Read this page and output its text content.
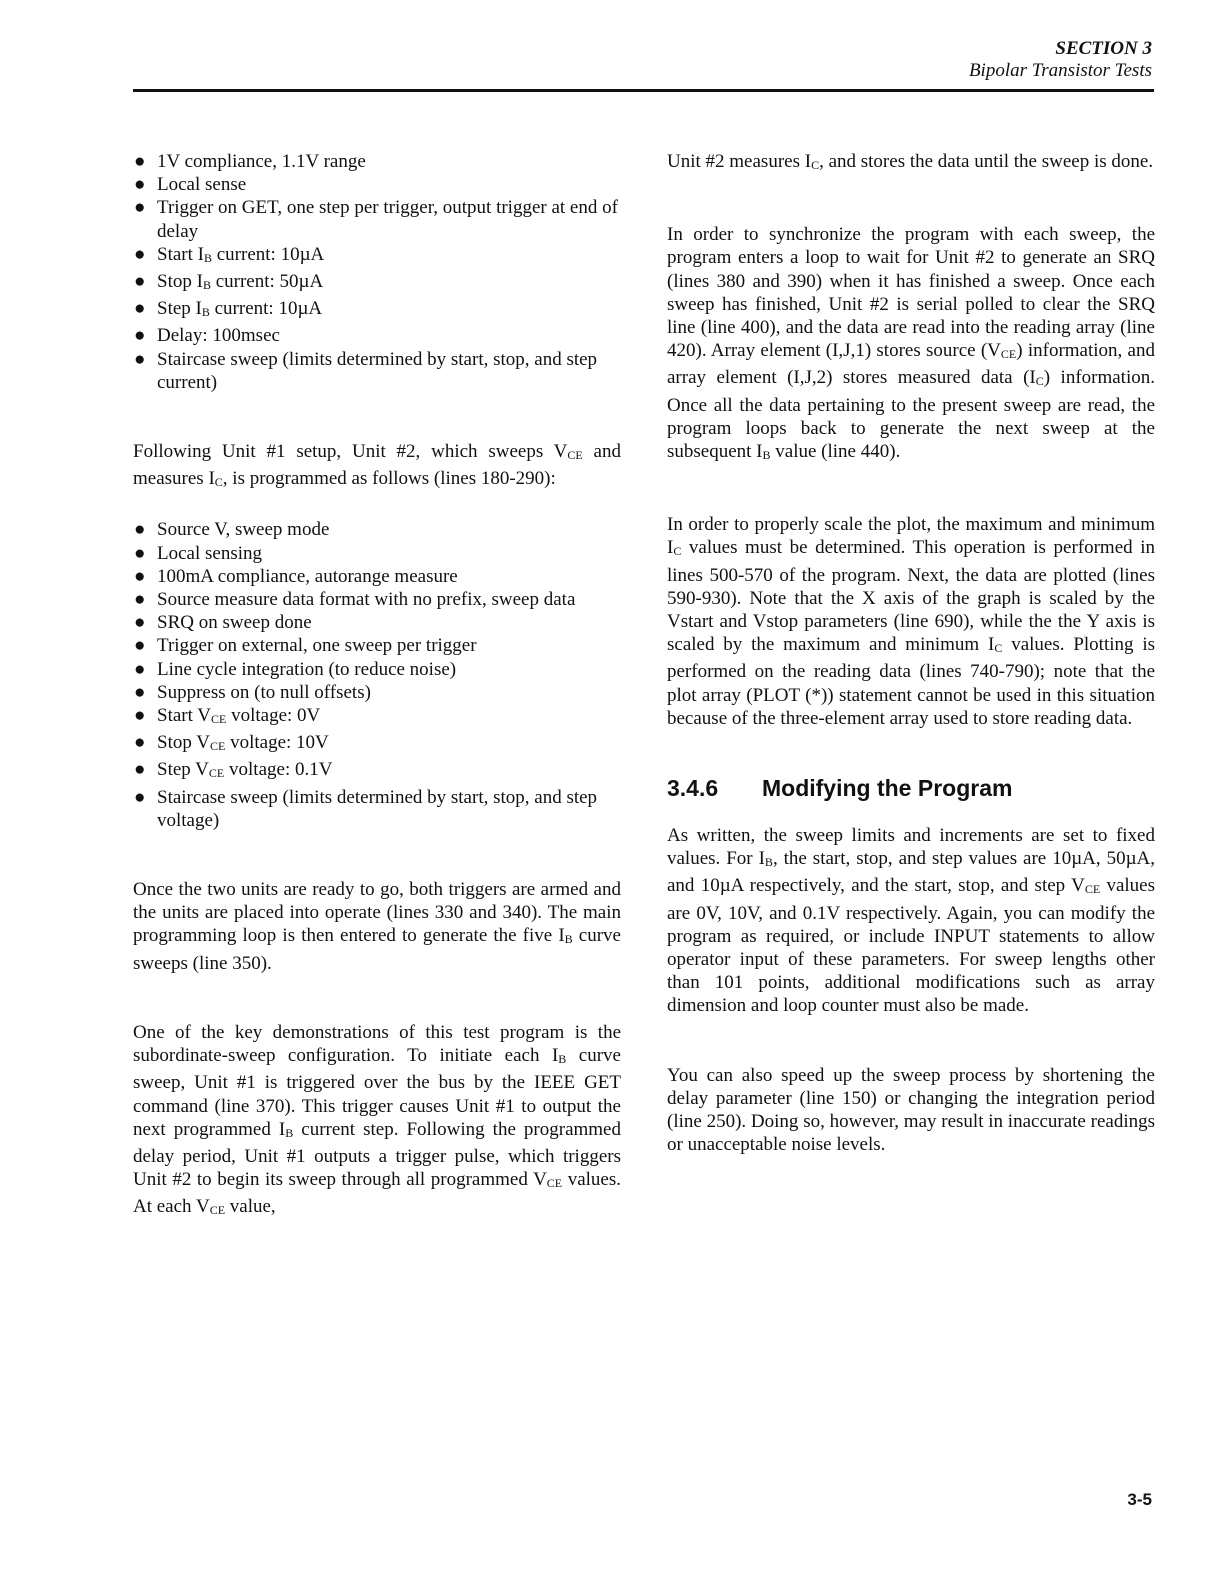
SECTION 3
Bipolar Transistor Tests
● 1V compliance, 1.1V range
● Local sense
● Trigger on GET, one step per trigger, output trigger at end of delay
● Start IB current: 10µA
● Stop IB current: 50µA
● Step IB current: 10µA
● Delay: 100msec
● Staircase sweep (limits determined by start, stop, and step current)

Following Unit #1 setup, Unit #2, which sweeps VCE and measures IC, is programmed as follows (lines 180-290):

● Source V, sweep mode
● Local sensing
● 100mA compliance, autorange measure
● Source measure data format with no prefix, sweep data
● SRQ on sweep done
● Trigger on external, one sweep per trigger
● Line cycle integration (to reduce noise)
● Suppress on (to null offsets)
● Start VCE voltage: 0V
● Stop VCE voltage: 10V
● Step VCE voltage: 0.1V
● Staircase sweep (limits determined by start, stop, and step voltage)

Once the two units are ready to go, both triggers are armed and the units are placed into operate (lines 330 and 340). The main programming loop is then entered to generate the five IB curve sweeps (line 350).

One of the key demonstrations of this test program is the subordinate-sweep configuration. To initiate each IB curve sweep, Unit #1 is triggered over the bus by the IEEE GET command (line 370). This trigger causes Unit #1 to output the next programmed IB current step. Following the programmed delay period, Unit #1 outputs a trigger pulse, which triggers Unit #2 to begin its sweep through all programmed VCE values. At each VCE value,

Unit #2 measures IC, and stores the data until the sweep is done.

In order to synchronize the program with each sweep, the program enters a loop to wait for Unit #2 to generate an SRQ (lines 380 and 390) when it has finished a sweep. Once each sweep has finished, Unit #2 is serial polled to clear the SRQ line (line 400), and the data are read into the reading array (line 420). Array element (I,J,1) stores source (VCE) information, and array element (I,J,2) stores measured data (IC) information. Once all the data pertaining to the present sweep are read, the program loops back to generate the next sweep at the subsequent IB value (line 440).

In order to properly scale the plot, the maximum and minimum IC values must be determined. This operation is performed in lines 500-570 of the program. Next, the data are plotted (lines 590-930). Note that the X axis of the graph is scaled by the Vstart and Vstop parameters (line 690), while the the Y axis is scaled by the maximum and minimum IC values. Plotting is performed on the reading data (lines 740-790); note that the plot array (PLOT (*)) statement cannot be used in this situation because of the three-element array used to store reading data.

3.4.6 Modifying the Program

As written, the sweep limits and increments are set to fixed values. For IB, the start, stop, and step values are 10µA, 50µA, and 10µA respectively, and the start, stop, and step VCE values are 0V, 10V, and 0.1V respectively. Again, you can modify the program as required, or include INPUT statements to allow operator input of these parameters. For sweep lengths other than 101 points, additional modifications such as array dimension and loop counter must also be made.

You can also speed up the sweep process by shortening the delay parameter (line 150) or changing the integration period (line 250). Doing so, however, may result in inaccurate readings or unacceptable noise levels.

3-5
